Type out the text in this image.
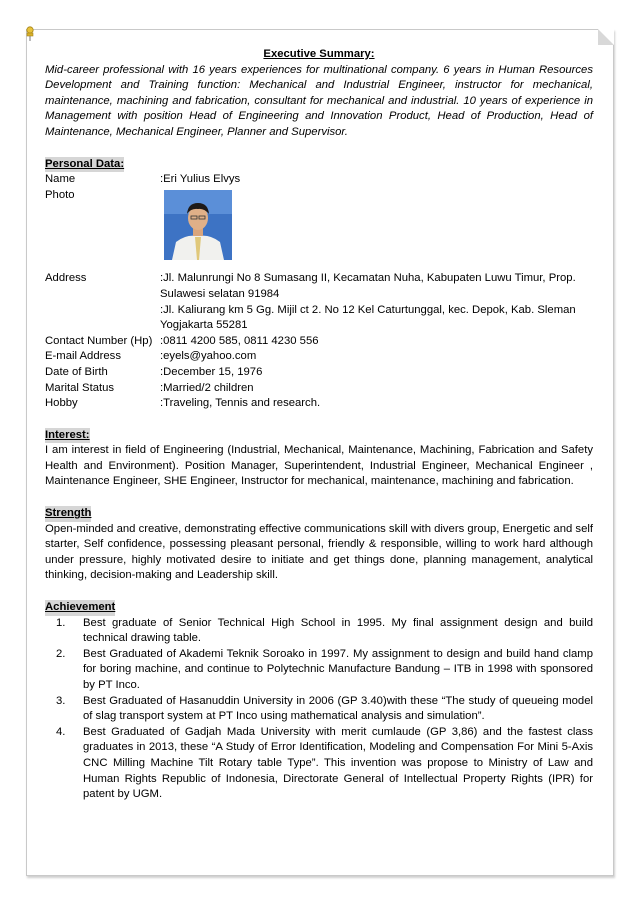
Executive Summary:
Mid-career professional with 16 years experiences for multinational company. 6 years in Human Resources Development and Training function: Mechanical and Industrial Engineer, instructor for mechanical, maintenance, machining and fabrication, consultant for mechanical and industrial. 10 years of experience in Management with position Head of Engineering and Innovation Product, Head of Production, Head of Maintenance, Mechanical Engineer, Planner and Supervisor.
Personal Data:
Name	:Eri Yulius Elvys
Photo	
Address	:Jl. Malunrungi No 8 Sumasang II, Kecamatan Nuha, Kabupaten Luwu Timur, Prop. Sulawesi selatan 91984
:Jl. Kaliurang km 5 Gg. Mijil ct 2. No 12 Kel Caturtunggal, kec. Depok, Kab. Sleman Yogjakarta 55281

Contact Number (Hp)	:0811 4200 585, 0811 4230 556
E-mail Address	:eyels@yahoo.com
Date of Birth	:December 15, 1976
Marital Status	:Married/2 children
Hobby	:Traveling, Tennis and research.
Interest:
I am interest in field of Engineering (Industrial, Mechanical, Maintenance, Machining, Fabrication and Safety Health and Environment). Position Manager, Superintendent, Industrial Engineer, Mechanical Engineer , Maintenance Engineer, SHE Engineer, Instructor for mechanical, maintenance, machining and fabrication.
Strength
Open-minded and creative, demonstrating effective communications skill with divers group, Energetic and self starter, Self confidence, possessing pleasant personal, friendly & responsible, willing to work hard although under pressure, highly motivated desire to initiate and get things done, planning management, analytical thinking, decision-making and Leadership skill.
Achievement
1. Best graduate of Senior Technical High School in 1995. My final assignment design and build technical drawing table.
2. Best Graduated of Akademi Teknik Soroako in 1997. My assignment to design and build hand clamp for boring machine, and continue to Polytechnic Manufacture Bandung – ITB in 1998 with sponsored by PT Inco.
3. Best Graduated of Hasanuddin University in 2006 (GP 3.40)with these “The study of queueing model of slag transport system at PT Inco using mathematical analysis and simulation”.
4. Best Graduated of Gadjah Mada University with merit cumlaude (GP 3,86) and the fastest class graduates in 2013, these “A Study of Error Identification, Modeling and Compensation For Mini 5-Axis CNC Milling Machine Tilt Rotary table Type”. This invention was propose to Ministry of Law and Human Rights Republic of Indonesia, Directorate General of Intellectual Property Rights (IPR) for patent by UGM.
